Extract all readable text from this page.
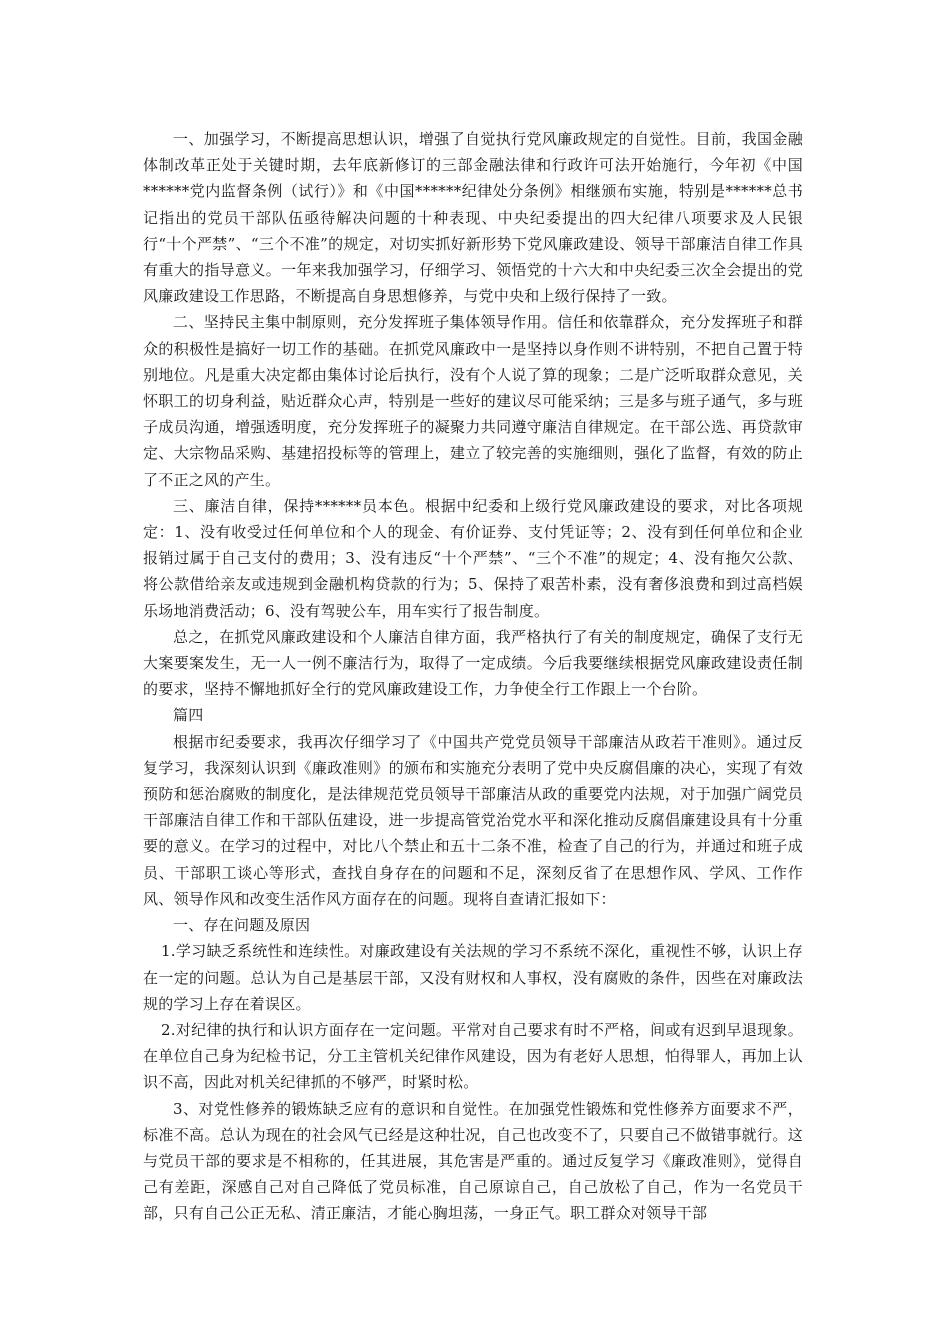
一、加强学习，不断提高思想认识，增强了自觉执行党风廉政规定的自觉性。目前，我国金融体制改革正处于关键时期，去年底新修订的三部金融法律和行政许可法开始施行，今年初《中国******党内监督条例（试行）》和《中国******纪律处分条例》相继颁布实施，特别是******总书记指出的党员干部队伍亟待解决问题的十种表现、中央纪委提出的四大纪律八项要求及人民银行“十个严禁”、“三个不准”的规定，对切实抓好新形势下党风廉政建设、领导干部廉洁自律工作具有重大的指导意义。一年来我加强学习，仔细学习、领悟党的十六大和中央纪委三次全会提出的党风廉政建设工作思路，不断提高自身思想修养，与党中央和上级行保持了一致。

二、坚持民主集中制原则，充分发挥班子集体领导作用。信任和依靠群众，充分发挥班子和群众的积极性是搞好一切工作的基础。在抓党风廉政中一是坚持以身作则不讲特别，不把自己置于特别地位。凡是重大决定都由集体讨论后执行，没有个人说了算的现象；二是广泛听取群众意见，关怀职工的切身利益，贴近群众心声，特别是一些好的建议尽可能采纳；三是多与班子通气，多与班子成员沟通，增强透明度，充分发挥班子的凝聚力共同遵守廉洁自律规定。在干部公选、再贷款审定、大宗物品采购、基建招投标等的管理上，建立了较完善的实施细则，强化了监督，有效的防止了不正之风的产生。

三、廉洁自律，保持******员本色。根据中纪委和上级行党风廉政建设的要求，对比各项规定：1、没有收受过任何单位和个人的现金、有价证券、支付凭证等；2、没有到任何单位和企业报销过属于自己支付的费用；3、没有违反“十个严禁”、“三个不准”的规定；4、没有拖欠公款、将公款借给亲友或违规到金融机构贷款的行为；5、保持了艰苦朴素，没有奢侈浪费和到过高档娱乐场地消费活动；6、没有驾驶公车，用车实行了报告制度。

总之，在抓党风廉政建设和个人廉洁自律方面，我严格执行了有关的制度规定，确保了支行无大案要案发生，无一人一例不廉洁行为，取得了一定成绩。今后我要继续根据党风廉政建设责任制的要求，坚持不懈地抓好全行的党风廉政建设工作，力争使全行工作跟上一个台阶。

篇四

根据市纪委要求，我再次仔细学习了《中国共产党党员领导干部廉洁从政若干准则》。通过反复学习，我深刻认识到《廉政准则》的颁布和实施充分表明了党中央反腐倡廉的决心，实现了有效预防和惩治腐败的制度化，是法律规范党员领导干部廉洁从政的重要党内法规，对于加强广阔党员干部廉洁自律工作和干部队伍建设，进一步提高管党治党水平和深化推动反腐倡廉建设具有十分重要的意义。在学习的过程中，对比八个禁止和五十二条不准，检查了自己的行为，并通过和班子成员、干部职工谈心等形式，查找自身存在的问题和不足，深刻反省了在思想作风、学风、工作作风、领导作风和改变生活作风方面存在的问题。现将自查请汇报如下：

一、存在问题及原因

1.学习缺乏系统性和连续性。对廉政建设有关法规的学习不系统不深化，重视性不够，认识上存在一定的问题。总认为自己是基层干部，又没有财权和人事权，没有腐败的条件，因些在对廉政法规的学习上存在着误区。

2.对纪律的执行和认识方面存在一定问题。平常对自己要求有时不严格，间或有迟到早退现象。在单位自己身为纪检书记，分工主管机关纪律作风建设，因为有老好人思想，怕得罪人，再加上认识不高，因此对机关纪律抓的不够严，时紧时松。

3、对党性修养的锻炼缺乏应有的意识和自觉性。在加强党性锻炼和党性修养方面要求不严，标准不高。总认为现在的社会风气已经是这种壮况，自己也改变不了，只要自己不做错事就行。这与党员干部的要求是不相称的，任其进展，其危害是严重的。通过反复学习《廉政准则》，觉得自己有差距，深感自己对自己降低了党员标准，自己原谅自己，自己放松了自己，作为一名党员干部，只有自己公正无私、清正廉洁，才能心胸坦荡，一身正气。职工群众对领导干部
